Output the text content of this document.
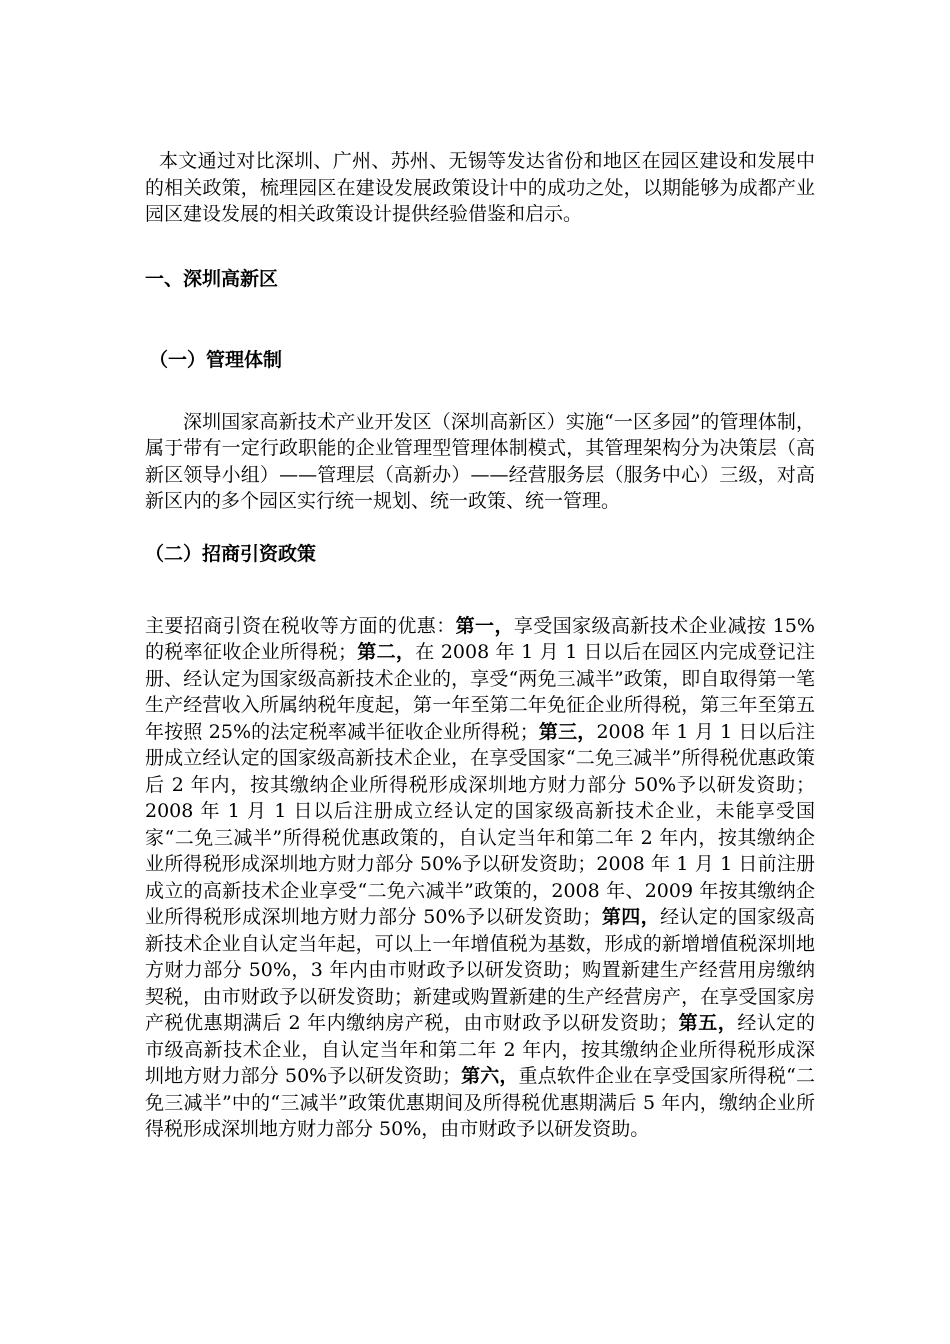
本文通过对比深圳、广州、苏州、无锡等发达省份和地区在园区建设和发展中的相关政策，梳理园区在建设发展政策设计中的成功之处，以期能够为成都产业园区建设发展的相关政策设计提供经验借鉴和启示。

一、深圳高新区
（一）管理体制

深圳国家高新技术产业开发区（深圳高新区）实施“一区多园”的管理体制，属于带有一定行政职能的企业管理型管理体制模式，其管理架构分为决策层（高新区领导小组）——管理层（高新办）——经营服务层（服务中心）三级，对高新区内的多个园区实行统一规划、统一政策、统一管理。

（二）招商引资政策

主要招商引资在税收等方面的优惠：第一，享受国家级高新技术企业减按 15%的税率征收企业所得税；第二，在 2008 年 1 月 1 日以后在园区内完成登记注册、经认定为国家级高新技术企业的，享受“两免三减半”政策，即自取得第一笔生产经营收入所属纳税年度起，第一年至第二年免征企业所得税，第三年至第五年按照 25%的法定税率减半征收企业所得税；第三，2008 年 1 月 1 日以后注册成立经认定的国家级高新技术企业，在享受国家“二免三减半”所得税优惠政策后 2 年内，按其缴纳企业所得税形成深圳地方财力部分 50%予以研发资助；2008 年 1 月 1 日以后注册成立经认定的国家级高新技术企业，未能享受国家“二免三减半”所得税优惠政策的，自认定当年和第二年 2 年内，按其缴纳企业所得税形成深圳地方财力部分 50%予以研发资助；2008 年 1 月 1 日前注册成立的高新技术企业享受“二免六减半”政策的，2008 年、2009 年按其缴纳企业所得税形成深圳地方财力部分 50%予以研发资助；第四，经认定的国家级高新技术企业自认定当年起，可以上一年增值税为基数，形成的新增增值税深圳地方财力部分 50%，3 年内由市财政予以研发资助；购置新建生产经营用房缴纳契税，由市财政予以研发资助；新建或购置新建的生产经营房产，在享受国家房产税优惠期满后 2 年内缴纳房产税，由市财政予以研发资助；第五，经认定的市级高新技术企业，自认定当年和第二年 2 年内，按其缴纳企业所得税形成深圳地方财力部分 50%予以研发资助；第六，重点软件企业在享受国家所得税“二免三减半”中的“三减半”政策优惠期间及所得税优惠期满后 5 年内，缴纳企业所得税形成深圳地方财力部分 50%，由市财政予以研发资助。
